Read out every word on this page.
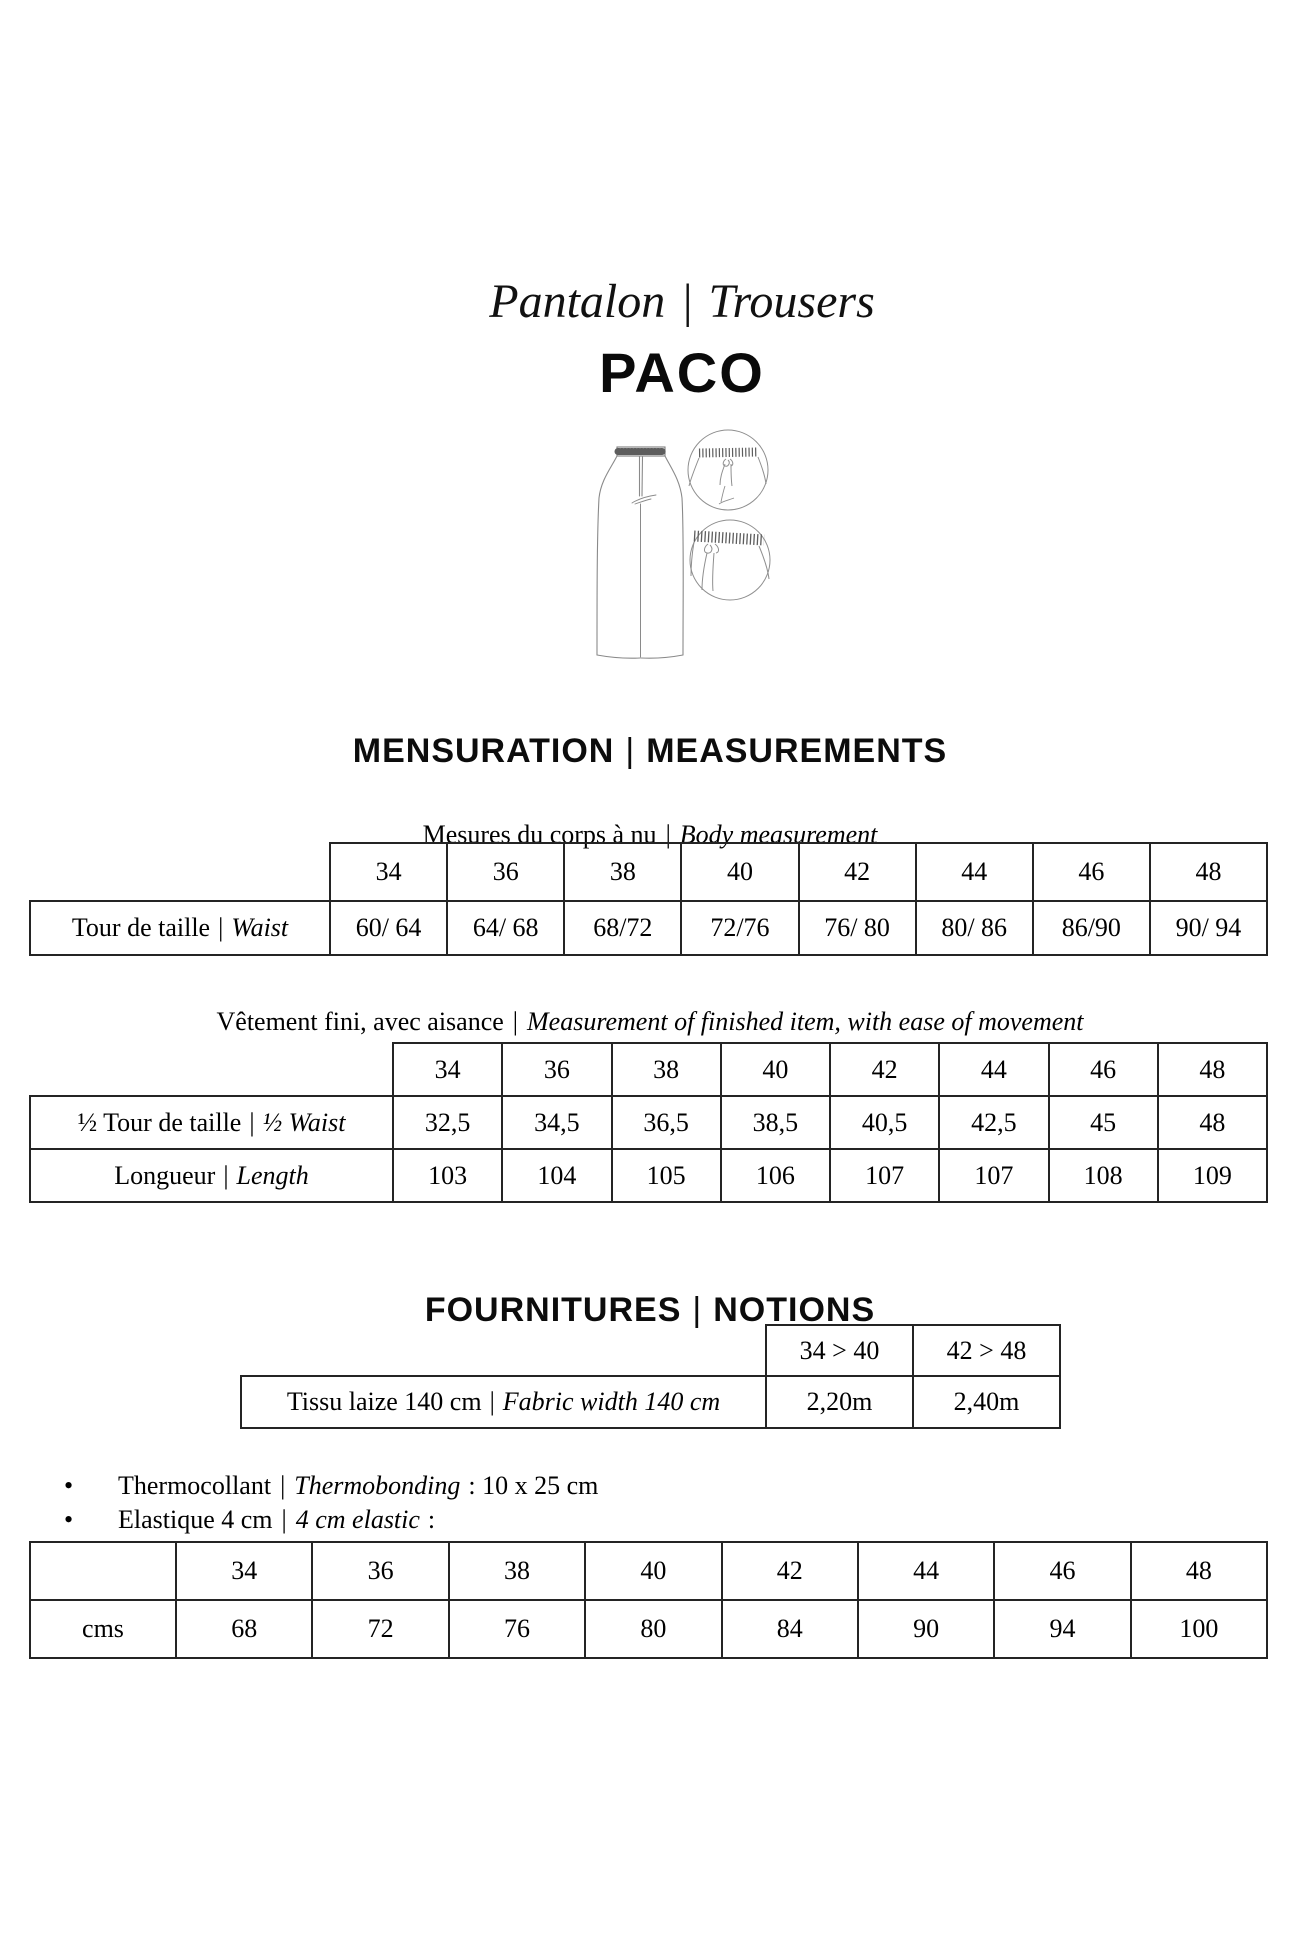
Pantalon | Trousers
PACO
MENSURATION | MEASUREMENTS

Mesures du corps à nu | Body measurement

	34	36	38	40	42	44	46	48
Tour de taille | Waist	60/ 64	64/ 68	68/72	72/76	76/ 80	80/ 86	86/90	90/ 94

Vêtement fini, avec aisance | Measurement of finished item, with ease of movement

	34	36	38	40	42	44	46	48
½ Tour de taille | ½ Waist	32,5	34,5	36,5	38,5	40,5	42,5	45	48
Longueur | Length	103	104	105	106	107	107	108	109
FOURNITURES | NOTIONS
	34 > 40	42 > 48
Tissu laize 140 cm | Fabric width 140 cm	2,20m	2,40m
•	Thermocollant | Thermobonding : 10 x 25 cm
•	Elastique 4 cm | 4 cm elastic :
	34	36	38	40	42	44	46	48
cms	68	72	76	80	84	90	94	100
